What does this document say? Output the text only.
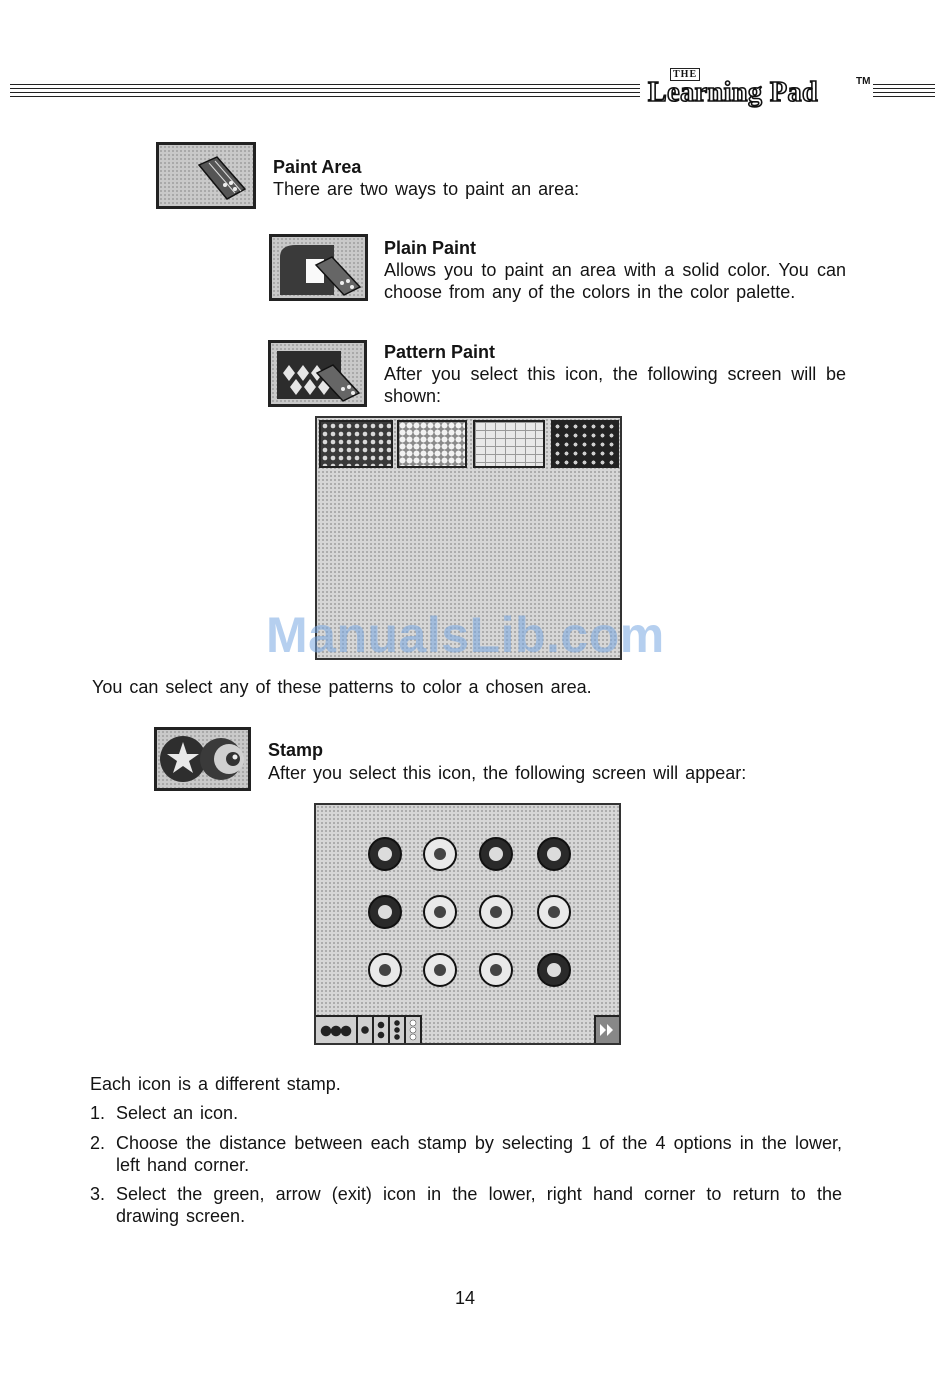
THE
Learning Pad	TM
Paint Area
There are two ways to paint an area:
Plain Paint
Allows you to paint an area with a solid color. You can choose from any of the colors in the color palette.
Pattern Paint
After you select this icon, the following screen will be shown:
ManualsLib.com
You can select any of these patterns to color a chosen area.
Stamp
After you select this icon, the following screen will appear:
Each icon is a different stamp.
1. Select an icon.
2. Choose the distance between each stamp by selecting 1 of the 4 options in the lower, left hand corner.
3. Select the green, arrow (exit) icon in the lower, right hand corner to return to the drawing screen.
14
